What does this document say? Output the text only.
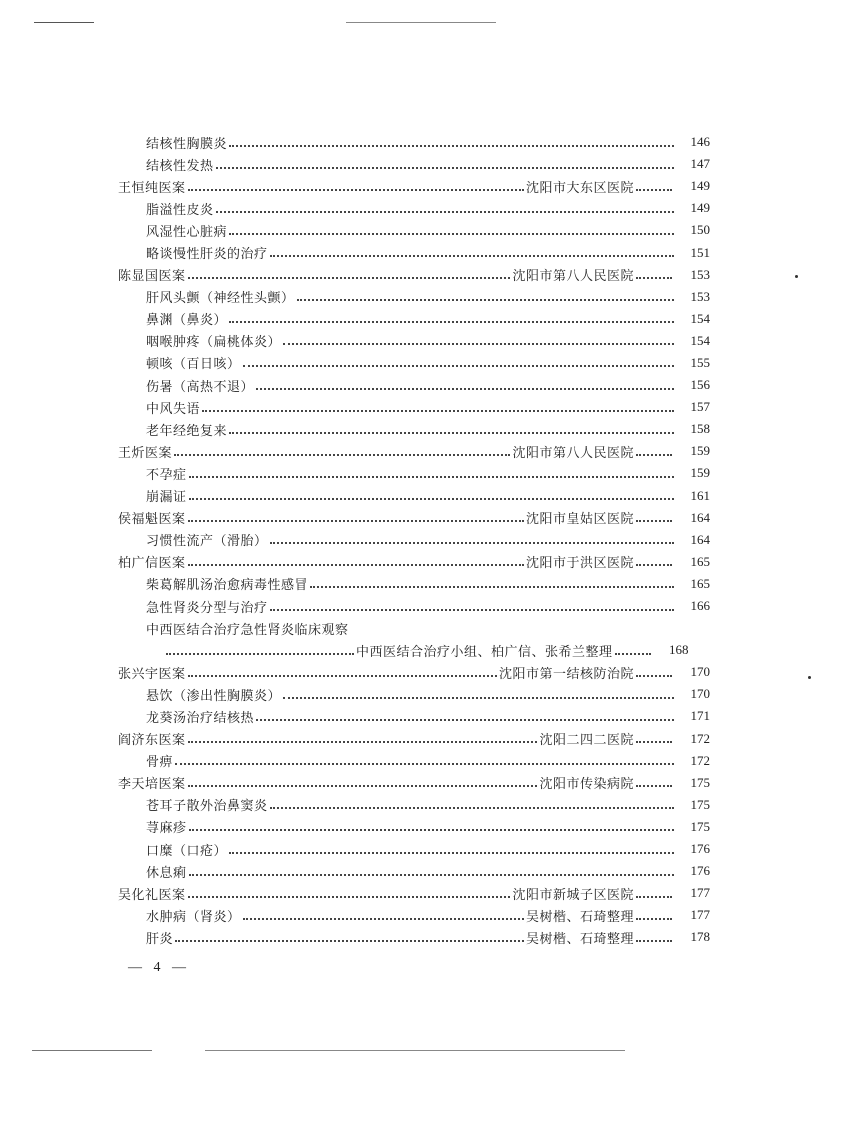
结核性胸膜炎	146
结核性发热	147
王恒纯医案	沈阳市大东区医院	149
脂溢性皮炎	149
风湿性心脏病	150
略谈慢性肝炎的治疗	151
陈显国医案	沈阳市第八人民医院	153
肝风头颤（神经性头颤）	153
鼻渊（鼻炎）	154
咽喉肿疼（扁桃体炎）	154
顿咳（百日咳）	155
伤暑（高热不退）	156
中风失语	157
老年经绝复来	158
王炘医案	沈阳市第八人民医院	159
不孕症	159
崩漏证	161
侯福魁医案	沈阳市皇姑区医院	164
习惯性流产（滑胎）	164
柏广信医案	沈阳市于洪区医院	165
柴葛解肌汤治愈病毒性感冒	165
急性肾炎分型与治疗	166
中西医结合治疗急性肾炎临床观察
中西医结合治疗小组、柏广信、张希兰整理	168
张兴宇医案	沈阳市第一结核防治院	170
悬饮（渗出性胸膜炎）	170
龙葵汤治疗结核热	171
阎济东医案	沈阳二四二医院	172
骨痹	172
李天培医案	沈阳市传染病院	175
苍耳子散外治鼻窦炎	175
荨麻疹	175
口糜（口疮）	176
休息痢	176
吴化礼医案	沈阳市新城子区医院	177
水肿病（肾炎）	吴树楷、石琦整理	177
肝炎	吴树楷、石琦整理	178
— 4 —
